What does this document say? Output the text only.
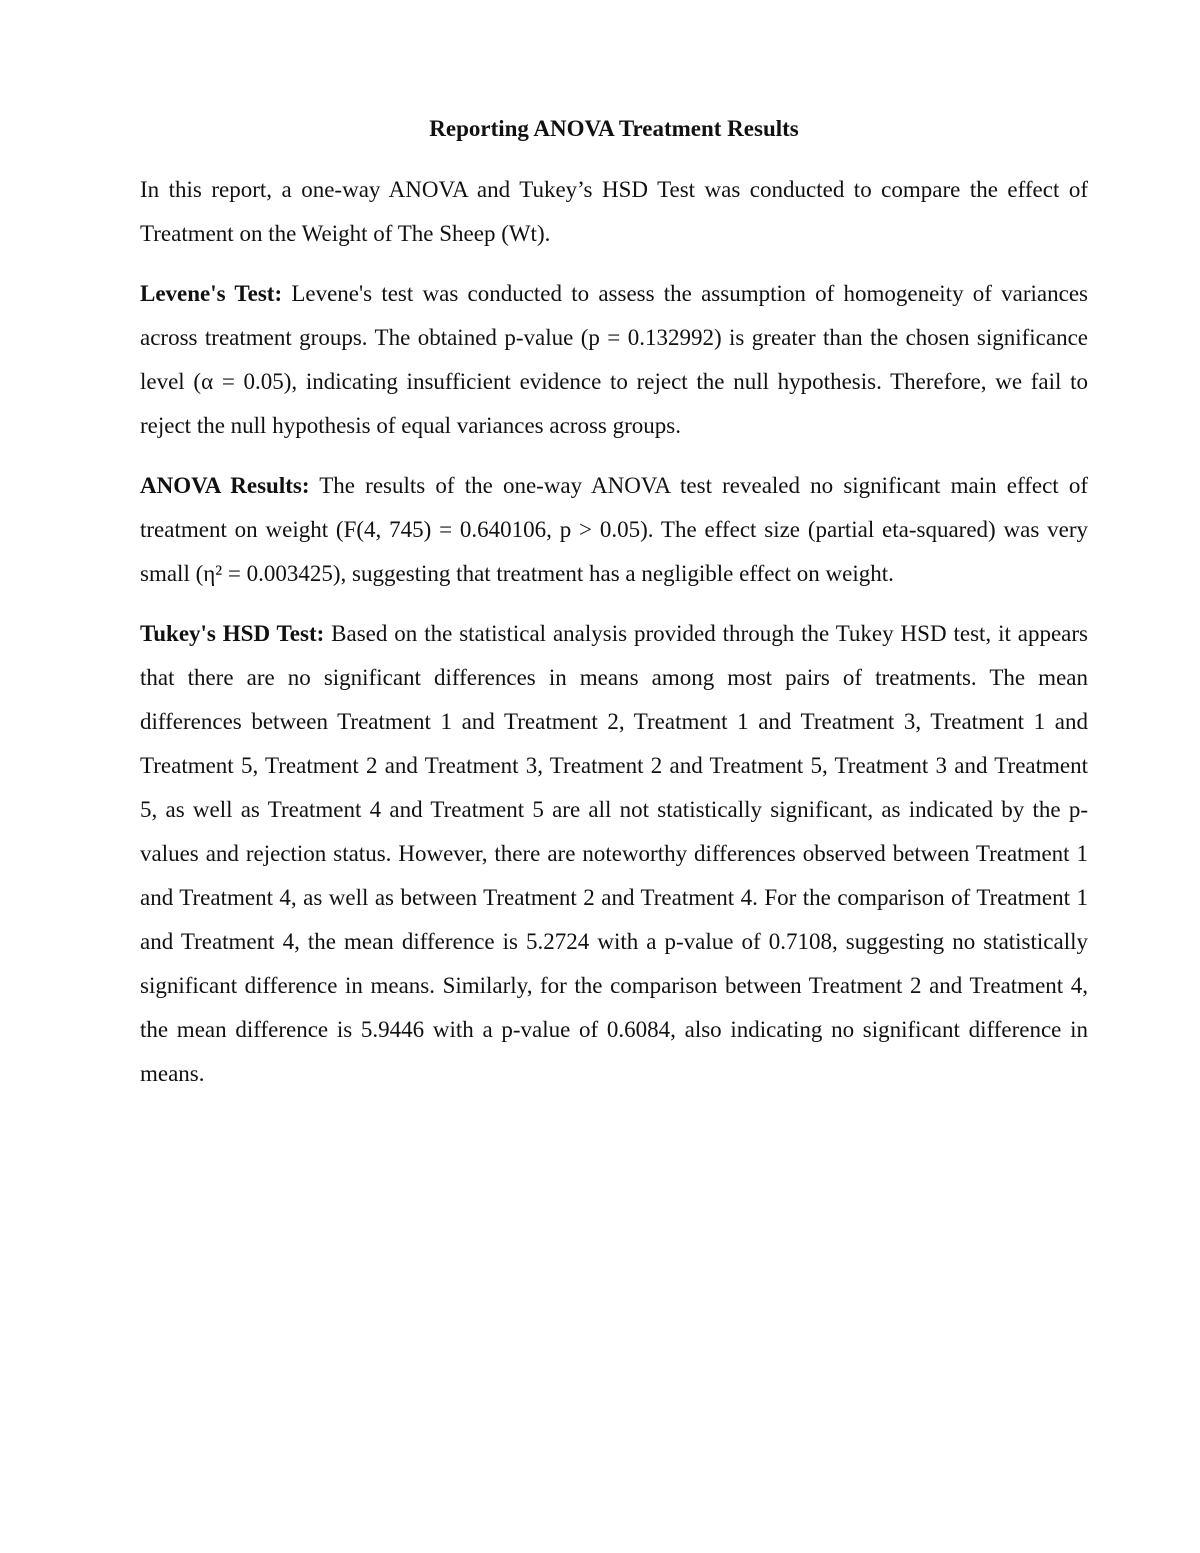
Reporting ANOVA Treatment Results

In this report, a one-way ANOVA and Tukey’s HSD Test was conducted to compare the effect of Treatment on the Weight of The Sheep (Wt).

Levene's Test: Levene's test was conducted to assess the assumption of homogeneity of variances across treatment groups. The obtained p-value (p = 0.132992) is greater than the chosen significance level (α = 0.05), indicating insufficient evidence to reject the null hypothesis. Therefore, we fail to reject the null hypothesis of equal variances across groups.

ANOVA Results: The results of the one-way ANOVA test revealed no significant main effect of treatment on weight (F(4, 745) = 0.640106, p > 0.05). The effect size (partial eta-squared) was very small (η² = 0.003425), suggesting that treatment has a negligible effect on weight.

Tukey's HSD Test: Based on the statistical analysis provided through the Tukey HSD test, it appears that there are no significant differences in means among most pairs of treatments. The mean differences between Treatment 1 and Treatment 2, Treatment 1 and Treatment 3, Treatment 1 and Treatment 5, Treatment 2 and Treatment 3, Treatment 2 and Treatment 5, Treatment 3 and Treatment 5, as well as Treatment 4 and Treatment 5 are all not statistically significant, as indicated by the p-values and rejection status. However, there are noteworthy differences observed between Treatment 1 and Treatment 4, as well as between Treatment 2 and Treatment 4. For the comparison of Treatment 1 and Treatment 4, the mean difference is 5.2724 with a p-value of 0.7108, suggesting no statistically significant difference in means. Similarly, for the comparison between Treatment 2 and Treatment 4, the mean difference is 5.9446 with a p-value of 0.6084, also indicating no significant difference in means.
